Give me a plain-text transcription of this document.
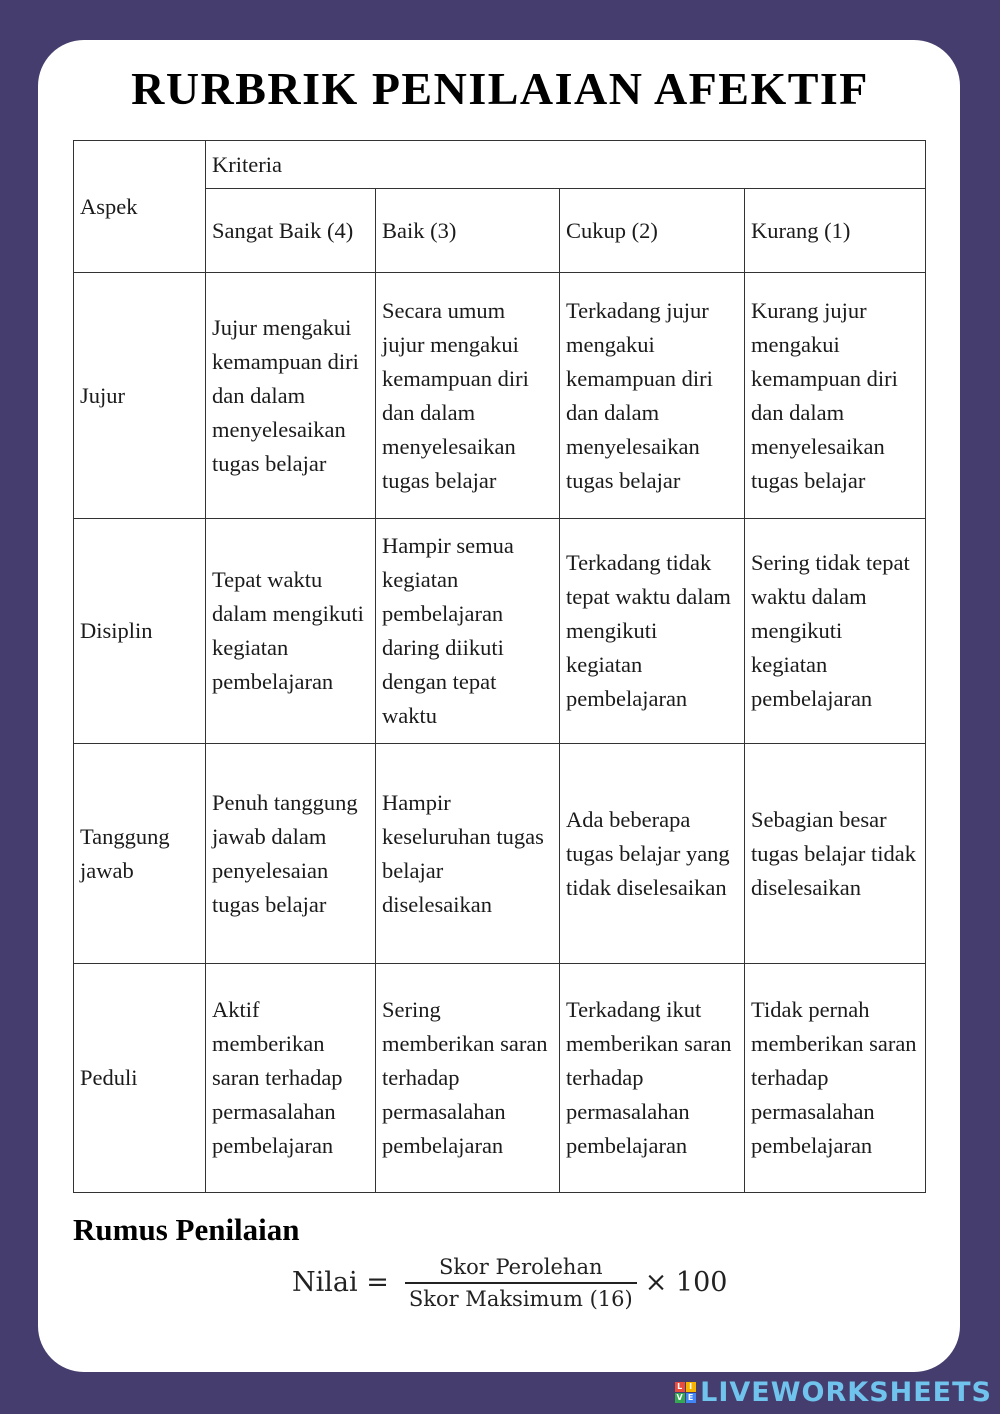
RURBRIK PENILAIAN AFEKTIF
Aspek	Kriteria			
	Sangat Baik (4)	Baik (3)	Cukup (2)	Kurang (1)
Jujur	Jujur mengakui kemampuan diri dan dalam menyelesaikan tugas belajar	Secara umum jujur mengakui kemampuan diri dan dalam menyelesaikan tugas belajar	Terkadang jujur mengakui kemampuan diri dan dalam menyelesaikan tugas belajar	Kurang jujur mengakui kemampuan diri dan dalam menyelesaikan tugas belajar
Disiplin	Tepat waktu dalam mengikuti kegiatan pembelajaran	Hampir semua kegiatan pembelajaran daring diikuti dengan tepat waktu	Terkadang tidak tepat waktu dalam mengikuti kegiatan pembelajaran	Sering tidak tepat waktu dalam mengikuti kegiatan pembelajaran
Tanggung jawab	Penuh tanggung jawab dalam penyelesaian tugas belajar	Hampir keseluruhan tugas belajar diselesaikan	Ada beberapa tugas belajar yang tidak diselesaikan	Sebagian besar tugas belajar tidak diselesaikan
Peduli	Aktif memberikan saran terhadap permasalahan pembelajaran	Sering memberikan saran terhadap permasalahan pembelajaran	Terkadang ikut memberikan saran terhadap permasalahan pembelajaran	Tidak pernah memberikan saran terhadap permasalahan pembelajaran
Rumus Penilaian
Nilai = $\frac{\text{Skor Perolehan}}{\text{Skor Maksimum (16)}} \times 100$
L I
V E LIVEWORKSHEETS
